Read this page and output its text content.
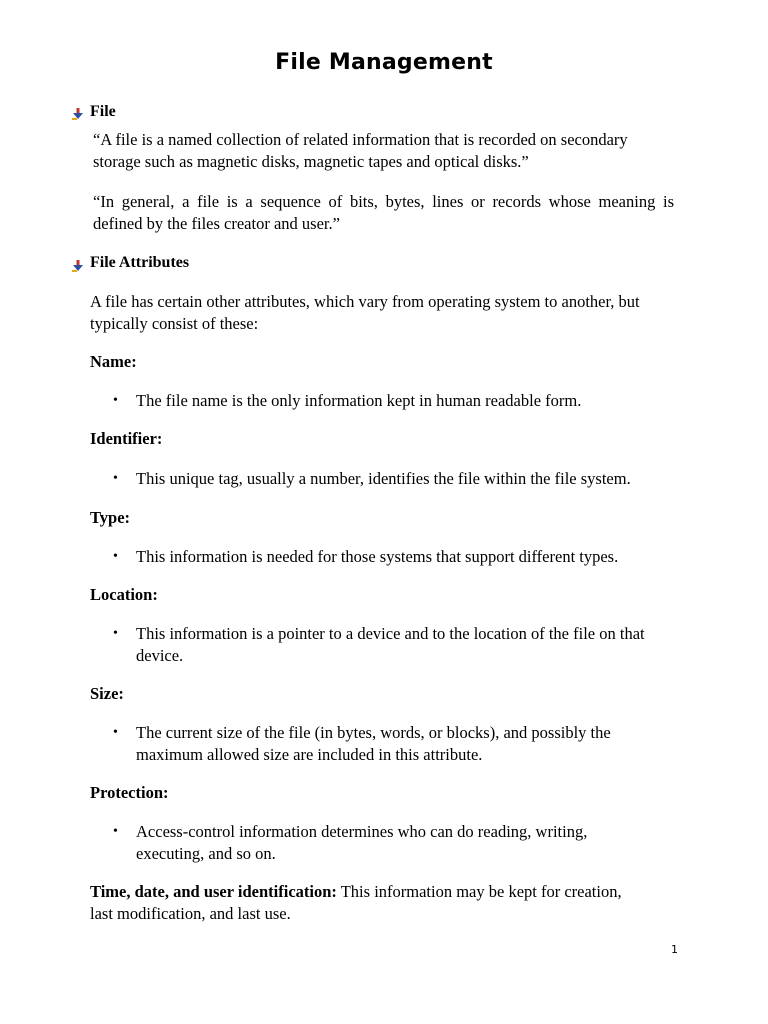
File Management
File
“A file is a named collection of related information that is recorded on secondary
storage such as magnetic disks, magnetic tapes and optical disks.”
“In general, a file is a sequence of bits, bytes, lines or records whose meaning is
defined by the files creator and user.”
File Attributes
A file has certain other attributes, which vary from operating system to another, but
typically consist of these:
Name:
• The file name is the only information kept in human readable form.
Identifier:
• This unique tag, usually a number, identifies the file within the file system.
Type:
• This information is needed for those systems that support different types.
Location:
• This information is a pointer to a device and to the location of the file on that
device.
Size:
• The current size of the file (in bytes, words, or blocks), and possibly the
maximum allowed size are included in this attribute.
Protection:
• Access-control information determines who can do reading, writing,
executing, and so on.
Time, date, and user identification: This information may be kept for creation,
last modification, and last use.
1
